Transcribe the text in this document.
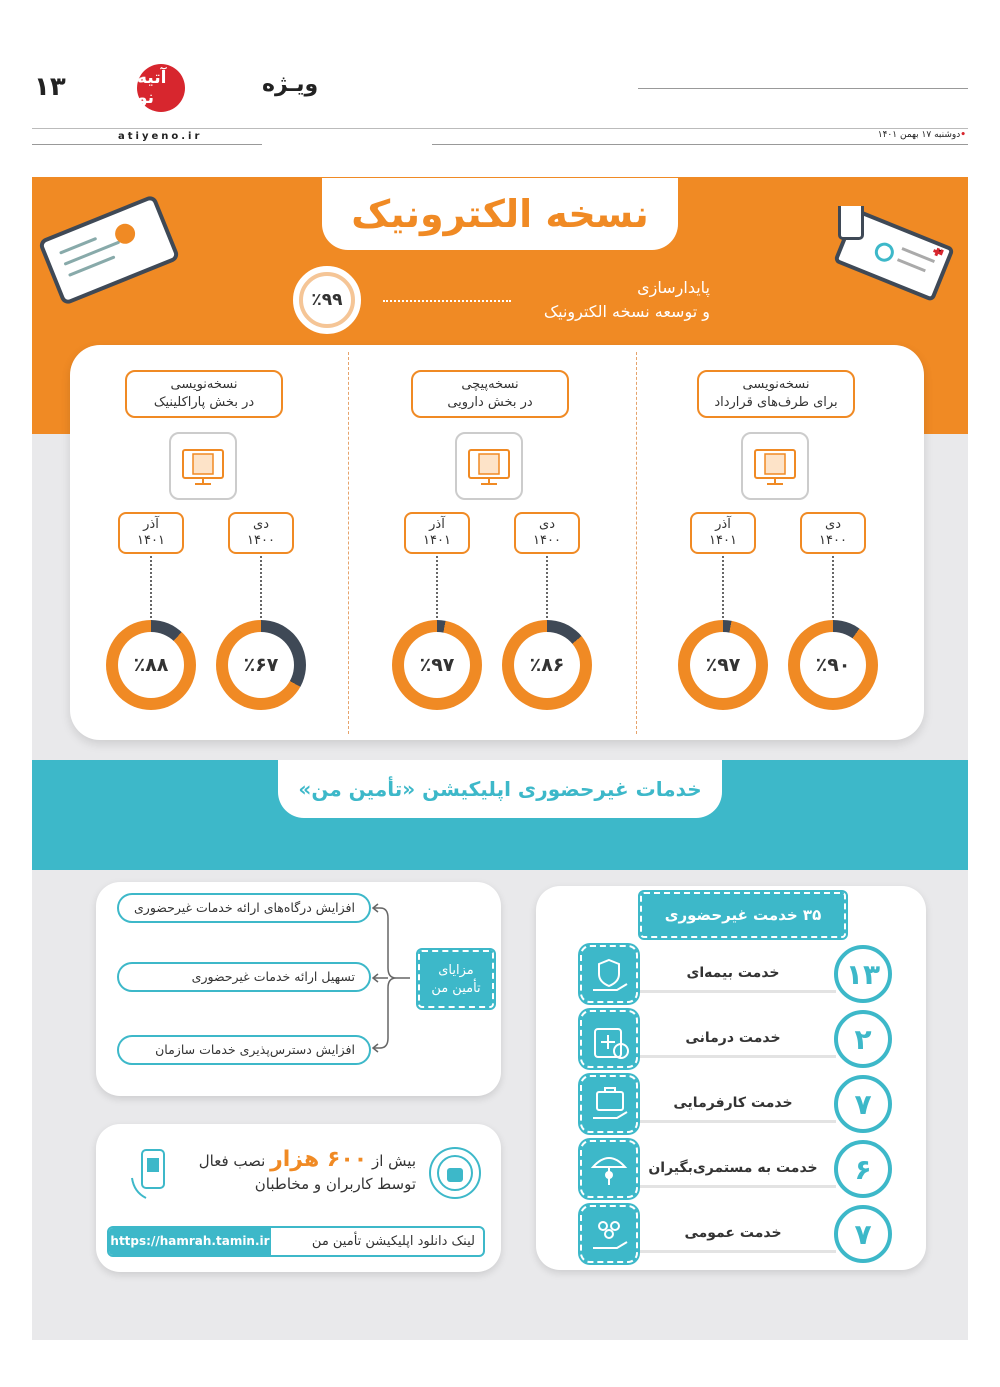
۱۳	آتیه نو
ویـژه
atiyeno.ir	•دوشنبه ۱۷ بهمن ۱۴۰۱
نسخه الکترونیک
٪۹۹
پایدارسازی
و توسعه نسخه الکترونیک
نسخه‌نویسی
در بخش پاراکلینیک
آذر
۱۴۰۱
٪۸۸
دی
۱۴۰۰
٪۶۷
نسخه‌پیچی
در بخش دارویی
آذر
۱۴۰۱
٪۹۷
دی
۱۴۰۰
٪۸۶
نسخه‌نویسی
برای طرف‌های قرارداد
آذر
۱۴۰۱
٪۹۷
دی
۱۴۰۰
٪۹۰
خدمات غیرحضوری اپلیکیشن «تأمین من»
افزایش درگاه‌های ارائه خدمات غیرحضوری
تسهیل ارائه خدمات غیرحضوری
افزایش دسترس‌پذیری خدمات سازمان
مزایای
تأمین من
بیش از ۶۰۰ هزار نصب فعال
توسط کاربران و مخاطبان
https://hamrah.tamin.ir	لینک دانلود اپلیکیشن تأمین من
۳۵ خدمت غیرحضوری
خدمت بیمه‌ای	۱۳
خدمت درمانی	۲
خدمت کارفرمایی	۷
خدمت به مستمری‌بگیران	۶
خدمت عمومی	۷
